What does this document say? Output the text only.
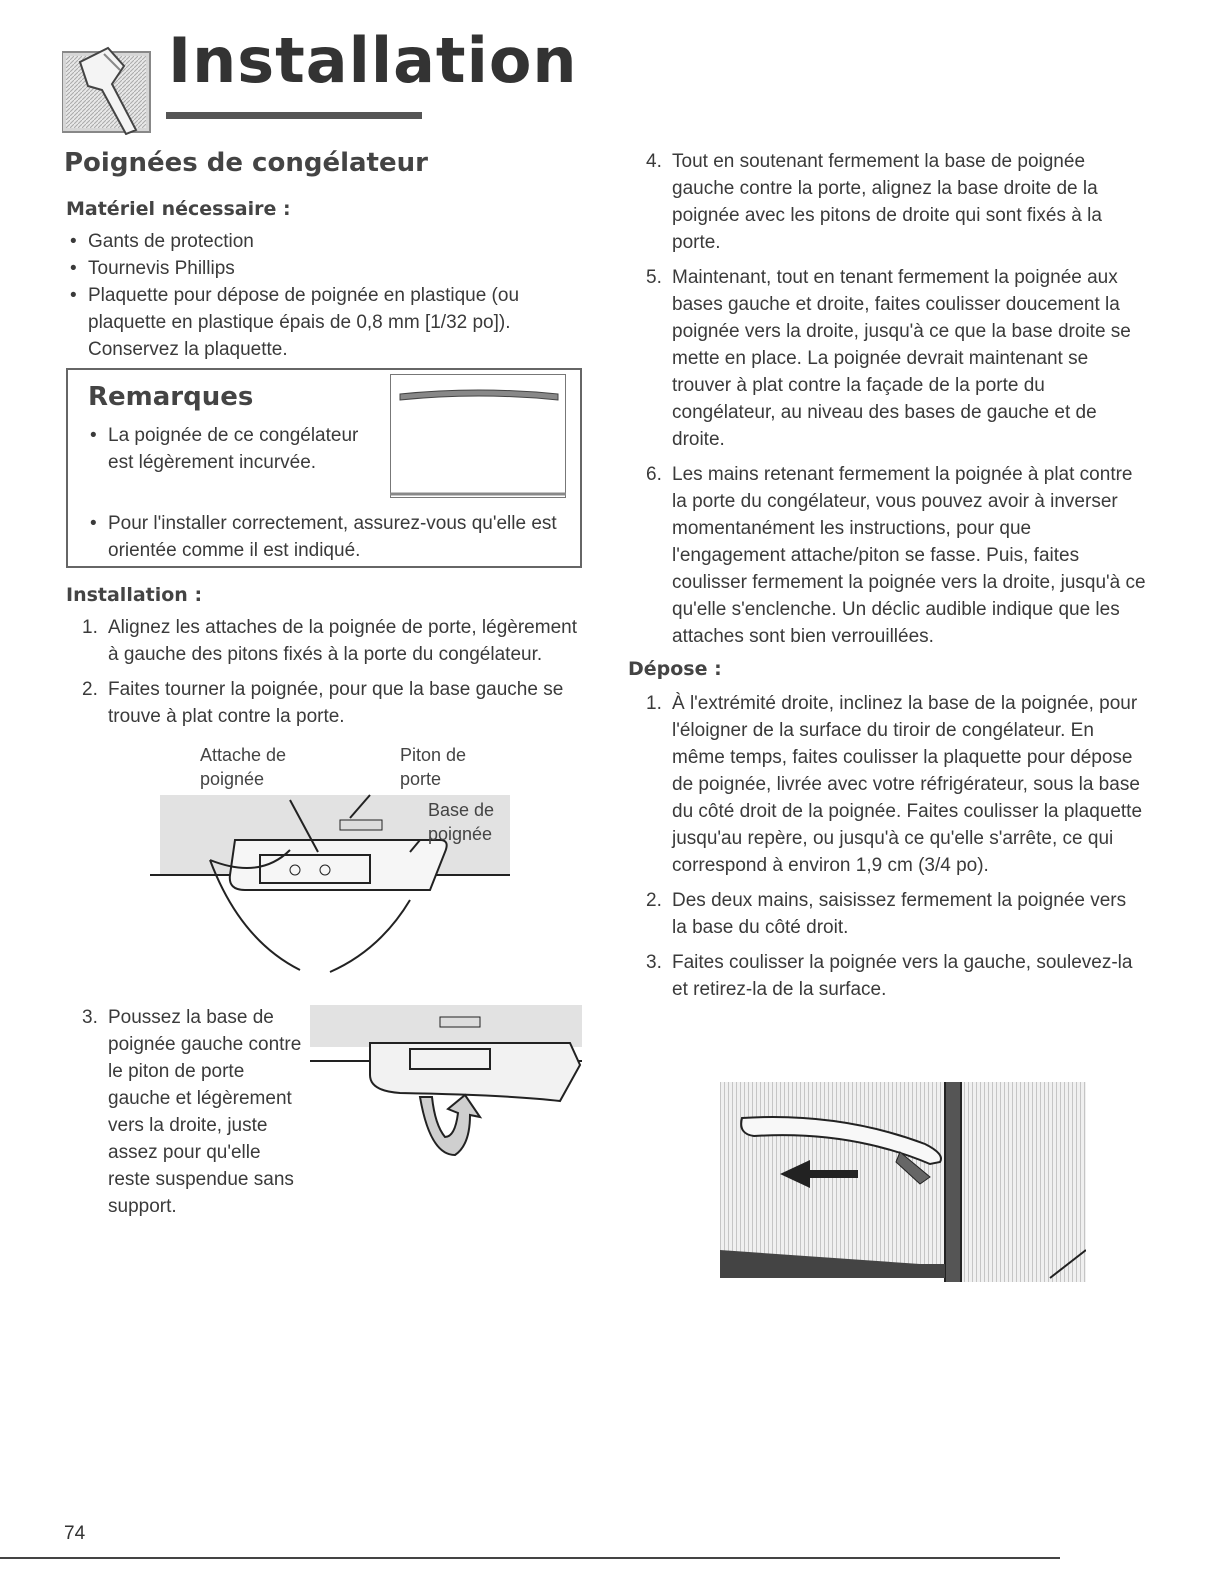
Installation
Poignées de congélateur
Matériel nécessaire :
• Gants de protection
• Tournevis Phillips
• Plaquette pour dépose de poignée en plastique (ou plaquette en plastique épais de 0,8 mm [1/32 po]). Conservez la plaquette.
Remarques
• La poignée de ce congélateur est légèrement incurvée.
• Pour l'installer correctement, assurez-vous qu'elle est orientée comme il est indiqué.
Installation :
1. Alignez les attaches de la poignée de porte, légèrement à gauche des pitons fixés à la porte du congélateur.
2. Faites tourner la poignée, pour que la base gauche se trouve à plat contre la porte.
Attache de poignée
Piton de porte
Base de poignée
3. Poussez la base de poignée gauche contre le piton de porte gauche et légèrement vers la droite, juste assez pour qu'elle reste suspendue sans support.
4. Tout en soutenant fermement la base de poignée gauche contre la porte, alignez la base droite de la poignée avec les pitons de droite qui sont fixés à la porte.
5. Maintenant, tout en tenant fermement la poignée aux bases gauche et droite, faites coulisser doucement la poignée vers la droite, jusqu'à ce que la base droite se mette en place. La poignée devrait maintenant se trouver à plat contre la façade de la porte du congélateur, au niveau des bases de gauche et de droite.
6. Les mains retenant fermement la poignée à plat contre la porte du congélateur, vous pouvez avoir à inverser momentanément les instructions, pour que l'engagement attache/piton se fasse. Puis, faites coulisser fermement la poignée vers la droite, jusqu'à ce qu'elle s'enclenche. Un déclic audible indique que les attaches sont bien verrouillées.
Dépose :
1. À l'extrémité droite, inclinez la base de la poignée, pour l'éloigner de la surface du tiroir de congélateur. En même temps, faites coulisser la plaquette pour dépose de poignée, livrée avec votre réfrigérateur, sous la base du côté droit de la poignée. Faites coulisser la plaquette jusqu'au repère, ou jusqu'à ce qu'elle s'arrête, ce qui correspond à environ 1,9 cm (3/4 po).
2. Des deux mains, saisissez fermement la poignée vers la base du côté droit.
3. Faites coulisser la poignée vers la gauche, soulevez-la et retirez-la de la surface.
74
